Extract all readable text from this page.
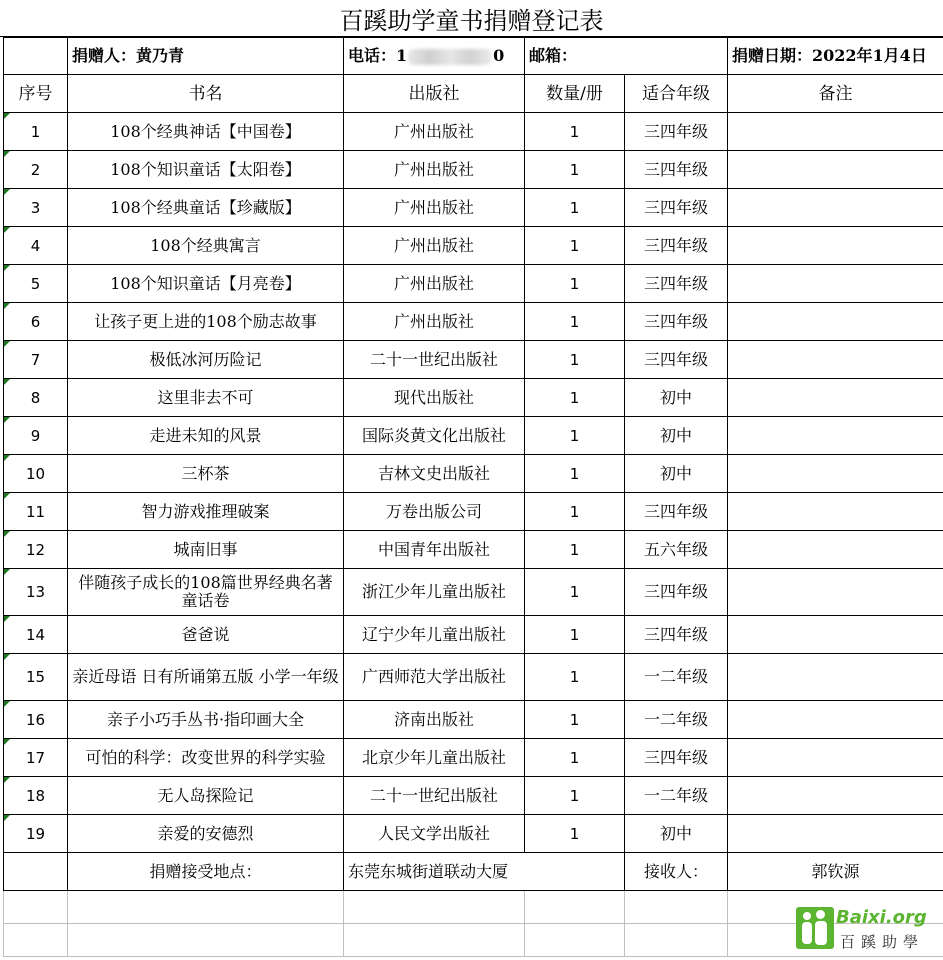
百蹊助学童书捐赠登记表
	捐赠人：黄乃青	电话：1 0	邮箱：		捐赠日期：2022年1月4日
序号	书名	出版社	数量/册	适合年级	备注
1	108个经典神话【中国卷】	广州出版社	1	三四年级	
2	108个知识童话【太阳卷】	广州出版社	1	三四年级	
3	108个经典童话【珍藏版】	广州出版社	1	三四年级	
4	108个经典寓言	广州出版社	1	三四年级	
5	108个知识童话【月亮卷】	广州出版社	1	三四年级	
6	让孩子更上进的108个励志故事	广州出版社	1	三四年级	
7	极低冰河历险记	二十一世纪出版社	1	三四年级	
8	这里非去不可	现代出版社	1	初中	
9	走进未知的风景	国际炎黄文化出版社	1	初中	
10	三杯茶	吉林文史出版社	1	初中	
11	智力游戏推理破案	万卷出版公司	1	三四年级	
12	城南旧事	中国青年出版社	1	五六年级	
13	伴随孩子成长的108篇世界经典名著 童话卷	浙江少年儿童出版社	1	三四年级	
14	爸爸说	辽宁少年儿童出版社	1	三四年级	
15	亲近母语 日有所诵第五版 小学一年级	广西师范大学出版社	1	一二年级	
16	亲子小巧手丛书·指印画大全	济南出版社	1	一二年级	
17	可怕的科学：改变世界的科学实验	北京少年儿童出版社	1	三四年级	
18	无人岛探险记	二十一世纪出版社	1	一二年级	
19	亲爱的安德烈	人民文学出版社	1	初中	
	捐赠接受地点：	东莞东城街道联动大厦		接收人：	郭钦源

Baixi.org
百蹊助學
